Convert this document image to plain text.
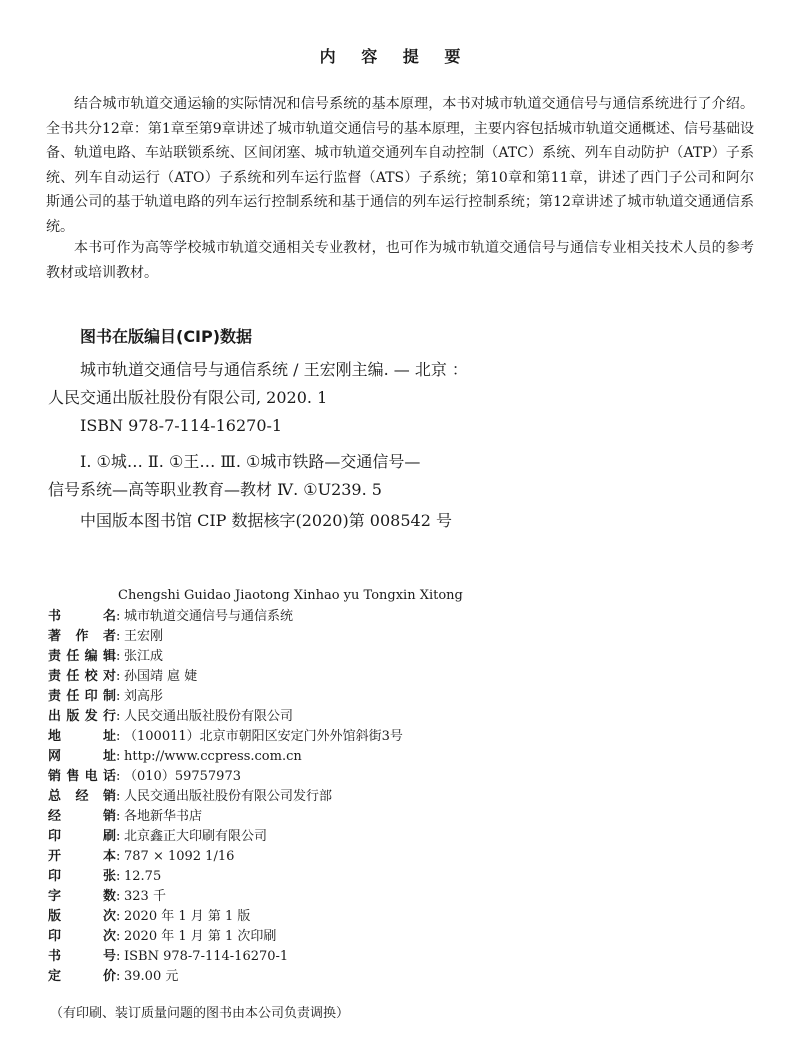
内 容 提 要

结合城市轨道交通运输的实际情况和信号系统的基本原理，本书对城市轨道交通信号与通信系统进行了介绍。全书共分12章：第1章至第9章讲述了城市轨道交通信号的基本原理，主要内容包括城市轨道交通概述、信号基础设备、轨道电路、车站联锁系统、区间闭塞、城市轨道交通列车自动控制（ATC）系统、列车自动防护（ATP）子系统、列车自动运行（ATO）子系统和列车运行监督（ATS）子系统；第10章和第11章，讲述了西门子公司和阿尔斯通公司的基于轨道电路的列车运行控制系统和基于通信的列车运行控制系统；第12章讲述了城市轨道交通通信系统。

本书可作为高等学校城市轨道交通相关专业教材，也可作为城市轨道交通信号与通信专业相关技术人员的参考教材或培训教材。

图书在版编目(CIP)数据
城市轨道交通信号与通信系统 / 王宏刚主编. — 北京 ：
人民交通出版社股份有限公司, 2020. 1
ISBN 978-7-114-16270-1
Ⅰ. ①城… Ⅱ. ①王… Ⅲ. ①城市铁路—交通信号—
信号系统—高等职业教育—教材 Ⅳ. ①U239. 5
中国版本图书馆 CIP 数据核字(2020)第 008542 号
Chengshi Guidao Jiaotong Xinhao yu Tongxin Xitong
书名: 城市轨道交通信号与通信系统
著作者: 王宏刚
责任编辑: 张江成
责任校对: 孙国靖 扈 婕
责任印制: 刘高彤
出版发行: 人民交通出版社股份有限公司
地址: （100011）北京市朝阳区安定门外外馆斜街3号
网址: http://www.ccpress.com.cn
销售电话: （010）59757973
总经销: 人民交通出版社股份有限公司发行部
经销: 各地新华书店
印刷: 北京鑫正大印刷有限公司
开本: 787 × 1092 1/16
印张: 12.75
字数: 323 千
版次: 2020 年 1 月 第 1 版
印次: 2020 年 1 月 第 1 次印刷
书号: ISBN 978-7-114-16270-1
定价: 39.00 元
（有印刷、装订质量问题的图书由本公司负责调换）
